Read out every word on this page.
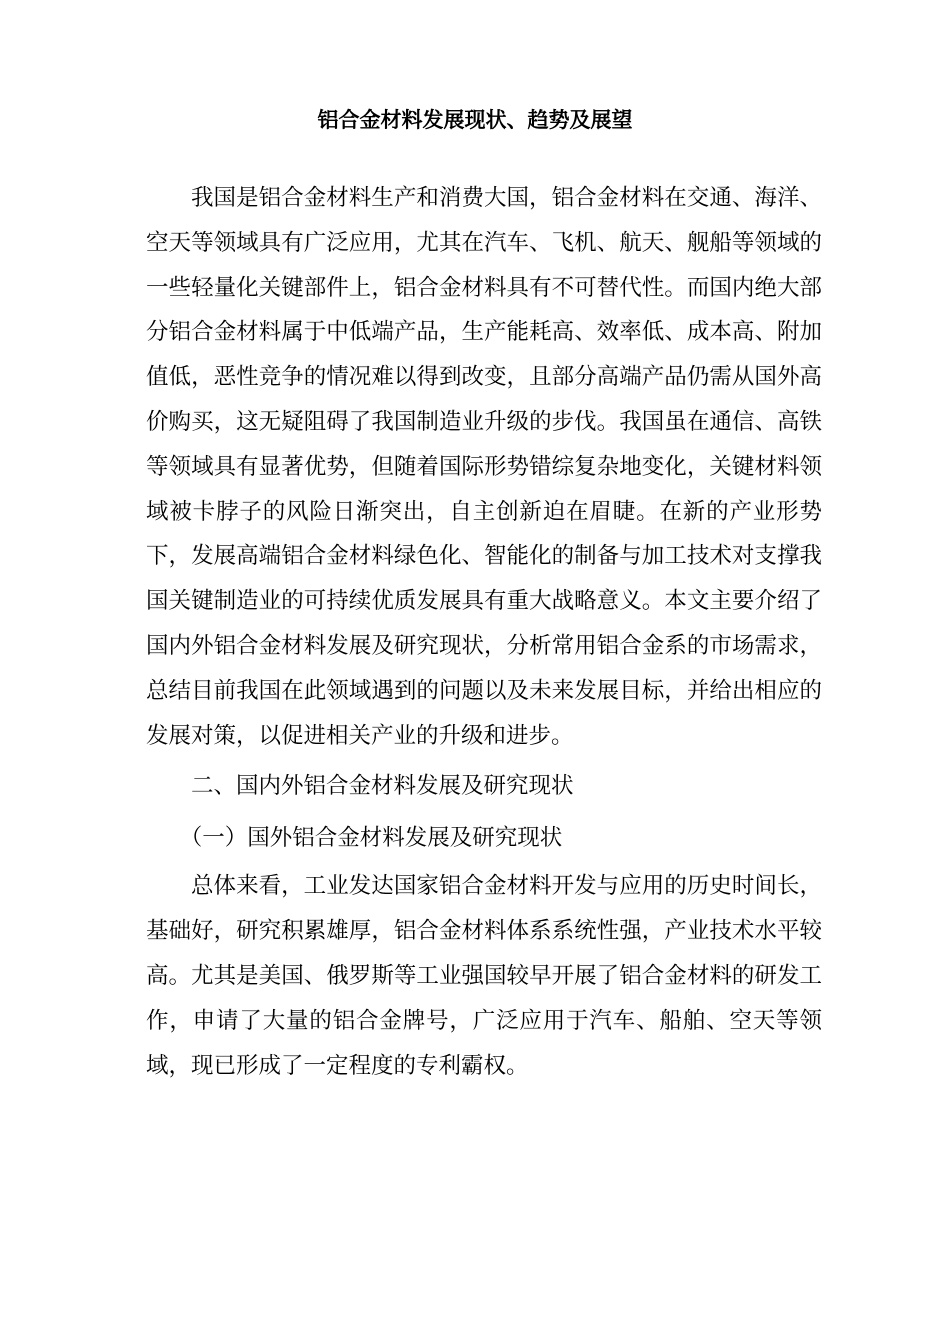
铝合金材料发展现状、趋势及展望

我国是铝合金材料生产和消费大国，铝合金材料在交通、海洋、空天等领域具有广泛应用，尤其在汽车、飞机、航天、舰船等领域的一些轻量化关键部件上，铝合金材料具有不可替代性。而国内绝大部分铝合金材料属于中低端产品，生产能耗高、效率低、成本高、附加值低，恶性竞争的情况难以得到改变，且部分高端产品仍需从国外高价购买，这无疑阻碍了我国制造业升级的步伐。我国虽在通信、高铁等领域具有显著优势，但随着国际形势错综复杂地变化，关键材料领域被卡脖子的风险日渐突出，自主创新迫在眉睫。在新的产业形势下，发展高端铝合金材料绿色化、智能化的制备与加工技术对支撑我国关键制造业的可持续优质发展具有重大战略意义。本文主要介绍了国内外铝合金材料发展及研究现状，分析常用铝合金系的市场需求，总结目前我国在此领域遇到的问题以及未来发展目标，并给出相应的发展对策，以促进相关产业的升级和进步。

二、国内外铝合金材料发展及研究现状

（一）国外铝合金材料发展及研究现状

总体来看，工业发达国家铝合金材料开发与应用的历史时间长，基础好，研究积累雄厚，铝合金材料体系系统性强，产业技术水平较高。尤其是美国、俄罗斯等工业强国较早开展了铝合金材料的研发工作，申请了大量的铝合金牌号，广泛应用于汽车、船舶、空天等领域，现已形成了一定程度的专利霸权。
